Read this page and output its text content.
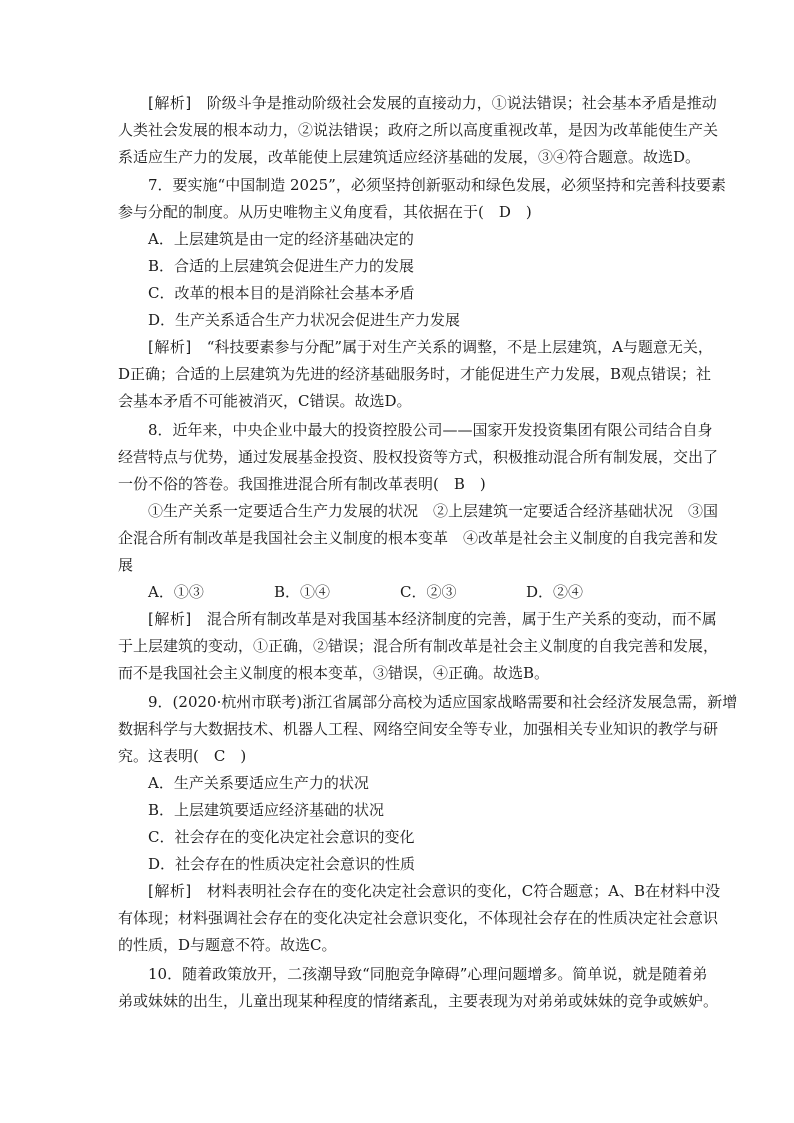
[解析]　 阶级斗争是推动阶级社会发展的直接动力，①说法错误；社会基本矛盾是推动
人类社会发展的根本动力，②说法错误；政府之所以高度重视改革，是因为改革能使生产关
系适应生产力的发展，改革能使上层建筑适应经济基础的发展，③④符合题意。故选D。
7．要实施“中国制造 2025”，必须坚持创新驱动和绿色发展，必须坚持和完善科技要素
参与分配的制度。从历史唯物主义角度看，其依据在于(　D　)
A．上层建筑是由一定的经济基础决定的
B．合适的上层建筑会促进生产力的发展
C．改革的根本目的是消除社会基本矛盾
D．生产关系适合生产力状况会促进生产力发展
[解析]　 “科技要素参与分配”属于对生产关系的调整，不是上层建筑，A与题意无关，
D正确；合适的上层建筑为先进的经济基础服务时，才能促进生产力发展，B观点错误；社
会基本矛盾不可能被消灭，C错误。故选D。
8．近年来，中央企业中最大的投资控股公司——国家开发投资集团有限公司结合自身
经营特点与优势，通过发展基金投资、股权投资等方式，积极推动混合所有制发展，交出了
一份不俗的答卷。我国推进混合所有制改革表明(　B　)
①生产关系一定要适合生产力发展的状况　②上层建筑一定要适合经济基础状况　③国
企混合所有制改革是我国社会主义制度的根本变革　④改革是社会主义制度的自我完善和发
展
A．①③	B．①④	C．②③	D．②④
[解析]　 混合所有制改革是对我国基本经济制度的完善，属于生产关系的变动，而不属
于上层建筑的变动，①正确，②错误；混合所有制改革是社会主义制度的自我完善和发展，
而不是我国社会主义制度的根本变革，③错误，④正确。故选B。
9．(2020·杭州市联考)浙江省属部分高校为适应国家战略需要和社会经济发展急需，新增
数据科学与大数据技术、机器人工程、网络空间安全等专业，加强相关专业知识的教学与研
究。这表明(　C　)
A．生产关系要适应生产力的状况
B．上层建筑要适应经济基础的状况
C．社会存在的变化决定社会意识的变化
D．社会存在的性质决定社会意识的性质
[解析]　 材料表明社会存在的变化决定社会意识的变化，C符合题意；A、B在材料中没
有体现；材料强调社会存在的变化决定社会意识变化，不体现社会存在的性质决定社会意识
的性质，D与题意不符。故选C。
10．随着政策放开，二孩潮导致“同胞竞争障碍”心理问题增多。简单说，就是随着弟
弟或妹妹的出生，儿童出现某种程度的情绪紊乱，主要表现为对弟弟或妹妹的竞争或嫉妒。
